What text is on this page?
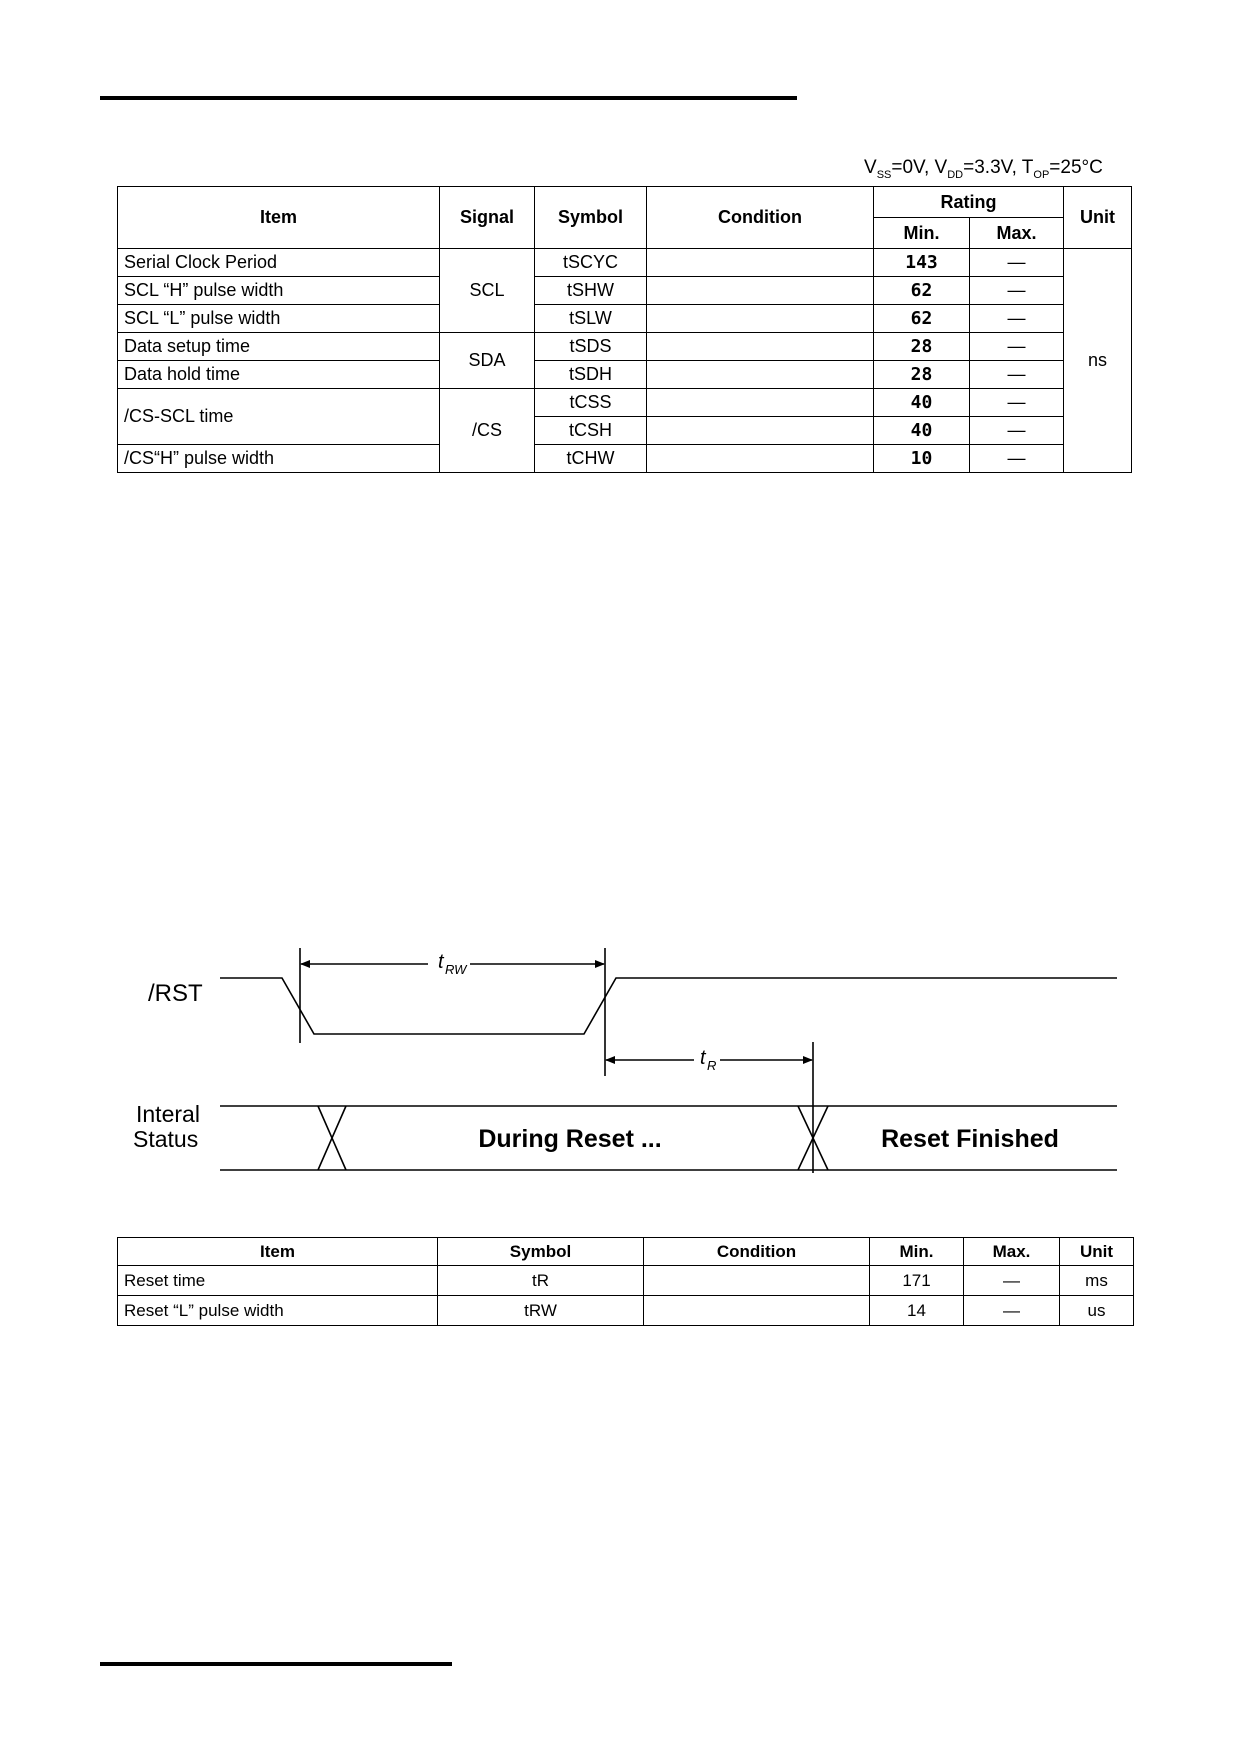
$V_{SS}=0V$, $V_{DD}=3.3V$, $T_{OP}=25^\circ C$
Item	Signal	Symbol	Condition	Rating		Unit
				Min.	Max.	
Serial Clock Period	SCL	tSCYC		143	—	ns
SCL “H” pulse width		tSHW		62	—	
SCL “L” pulse width		tSLW		62	—	
Data setup time	SDA	tSDS		28	—	
Data hold time		tSDH		28	—	
/CS-SCL time	/CS	tCSS		40	—	
		tCSH		40	—	
/CS“H” pulse width		tCHW		10	—	
/RST
Interal
Status
t RW
t R
During Reset ...	Reset Finished
Item	Symbol	Condition	Min.	Max.	Unit
Reset time	tR		171	—	ms
Reset “L” pulse width	tRW		14	—	us
